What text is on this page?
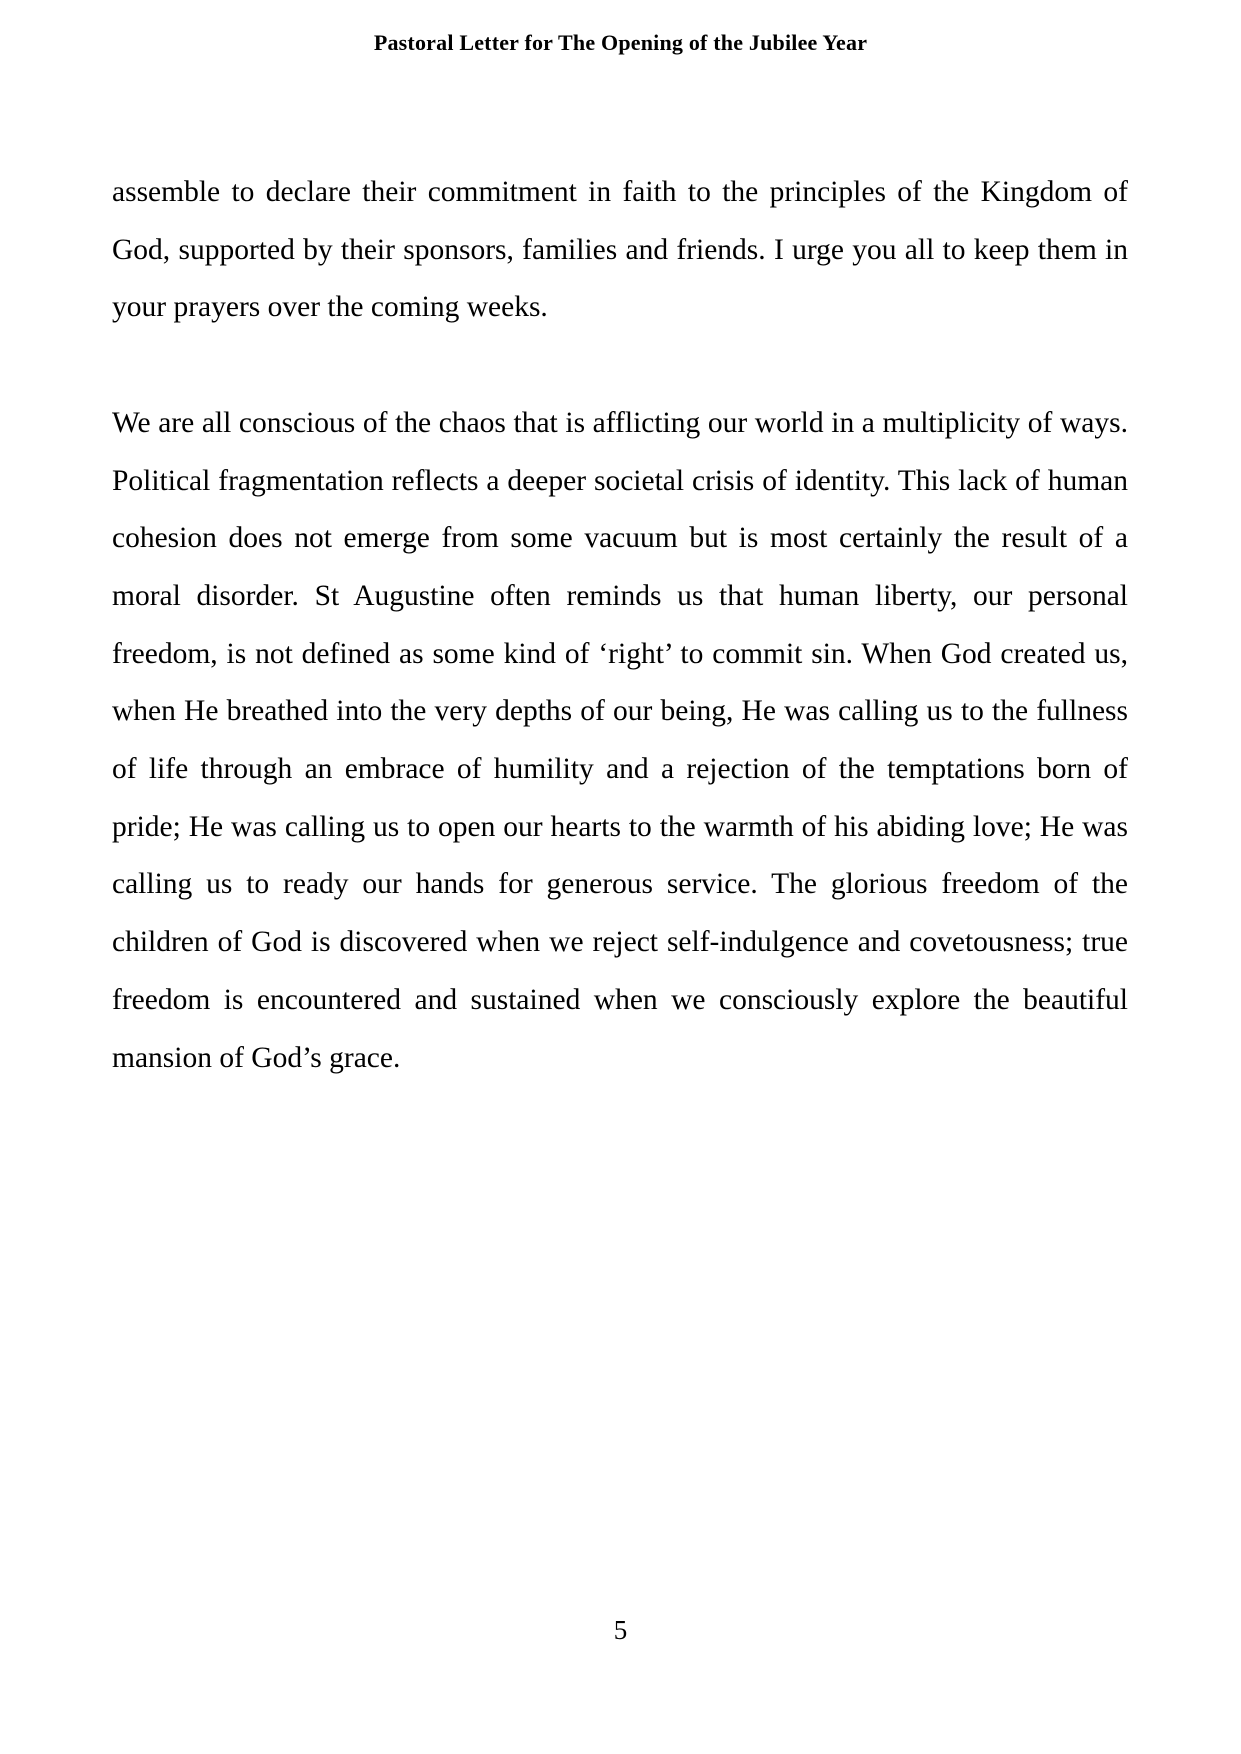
Pastoral Letter for The Opening of the Jubilee Year

assemble to declare their commitment in faith to the principles of the Kingdom of God, supported by their sponsors, families and friends. I urge you all to keep them in your prayers over the coming weeks.

We are all conscious of the chaos that is afflicting our world in a multiplicity of ways. Political fragmentation reflects a deeper societal crisis of identity. This lack of human cohesion does not emerge from some vacuum but is most certainly the result of a moral disorder. St Augustine often reminds us that human liberty, our personal freedom, is not defined as some kind of ‘right’ to commit sin. When God created us, when He breathed into the very depths of our being, He was calling us to the fullness of life through an embrace of humility and a rejection of the temptations born of pride; He was calling us to open our hearts to the warmth of his abiding love; He was calling us to ready our hands for generous service. The glorious freedom of the children of God is discovered when we reject self-indulgence and covetousness; true freedom is encountered and sustained when we consciously explore the beautiful mansion of God’s grace.

5
